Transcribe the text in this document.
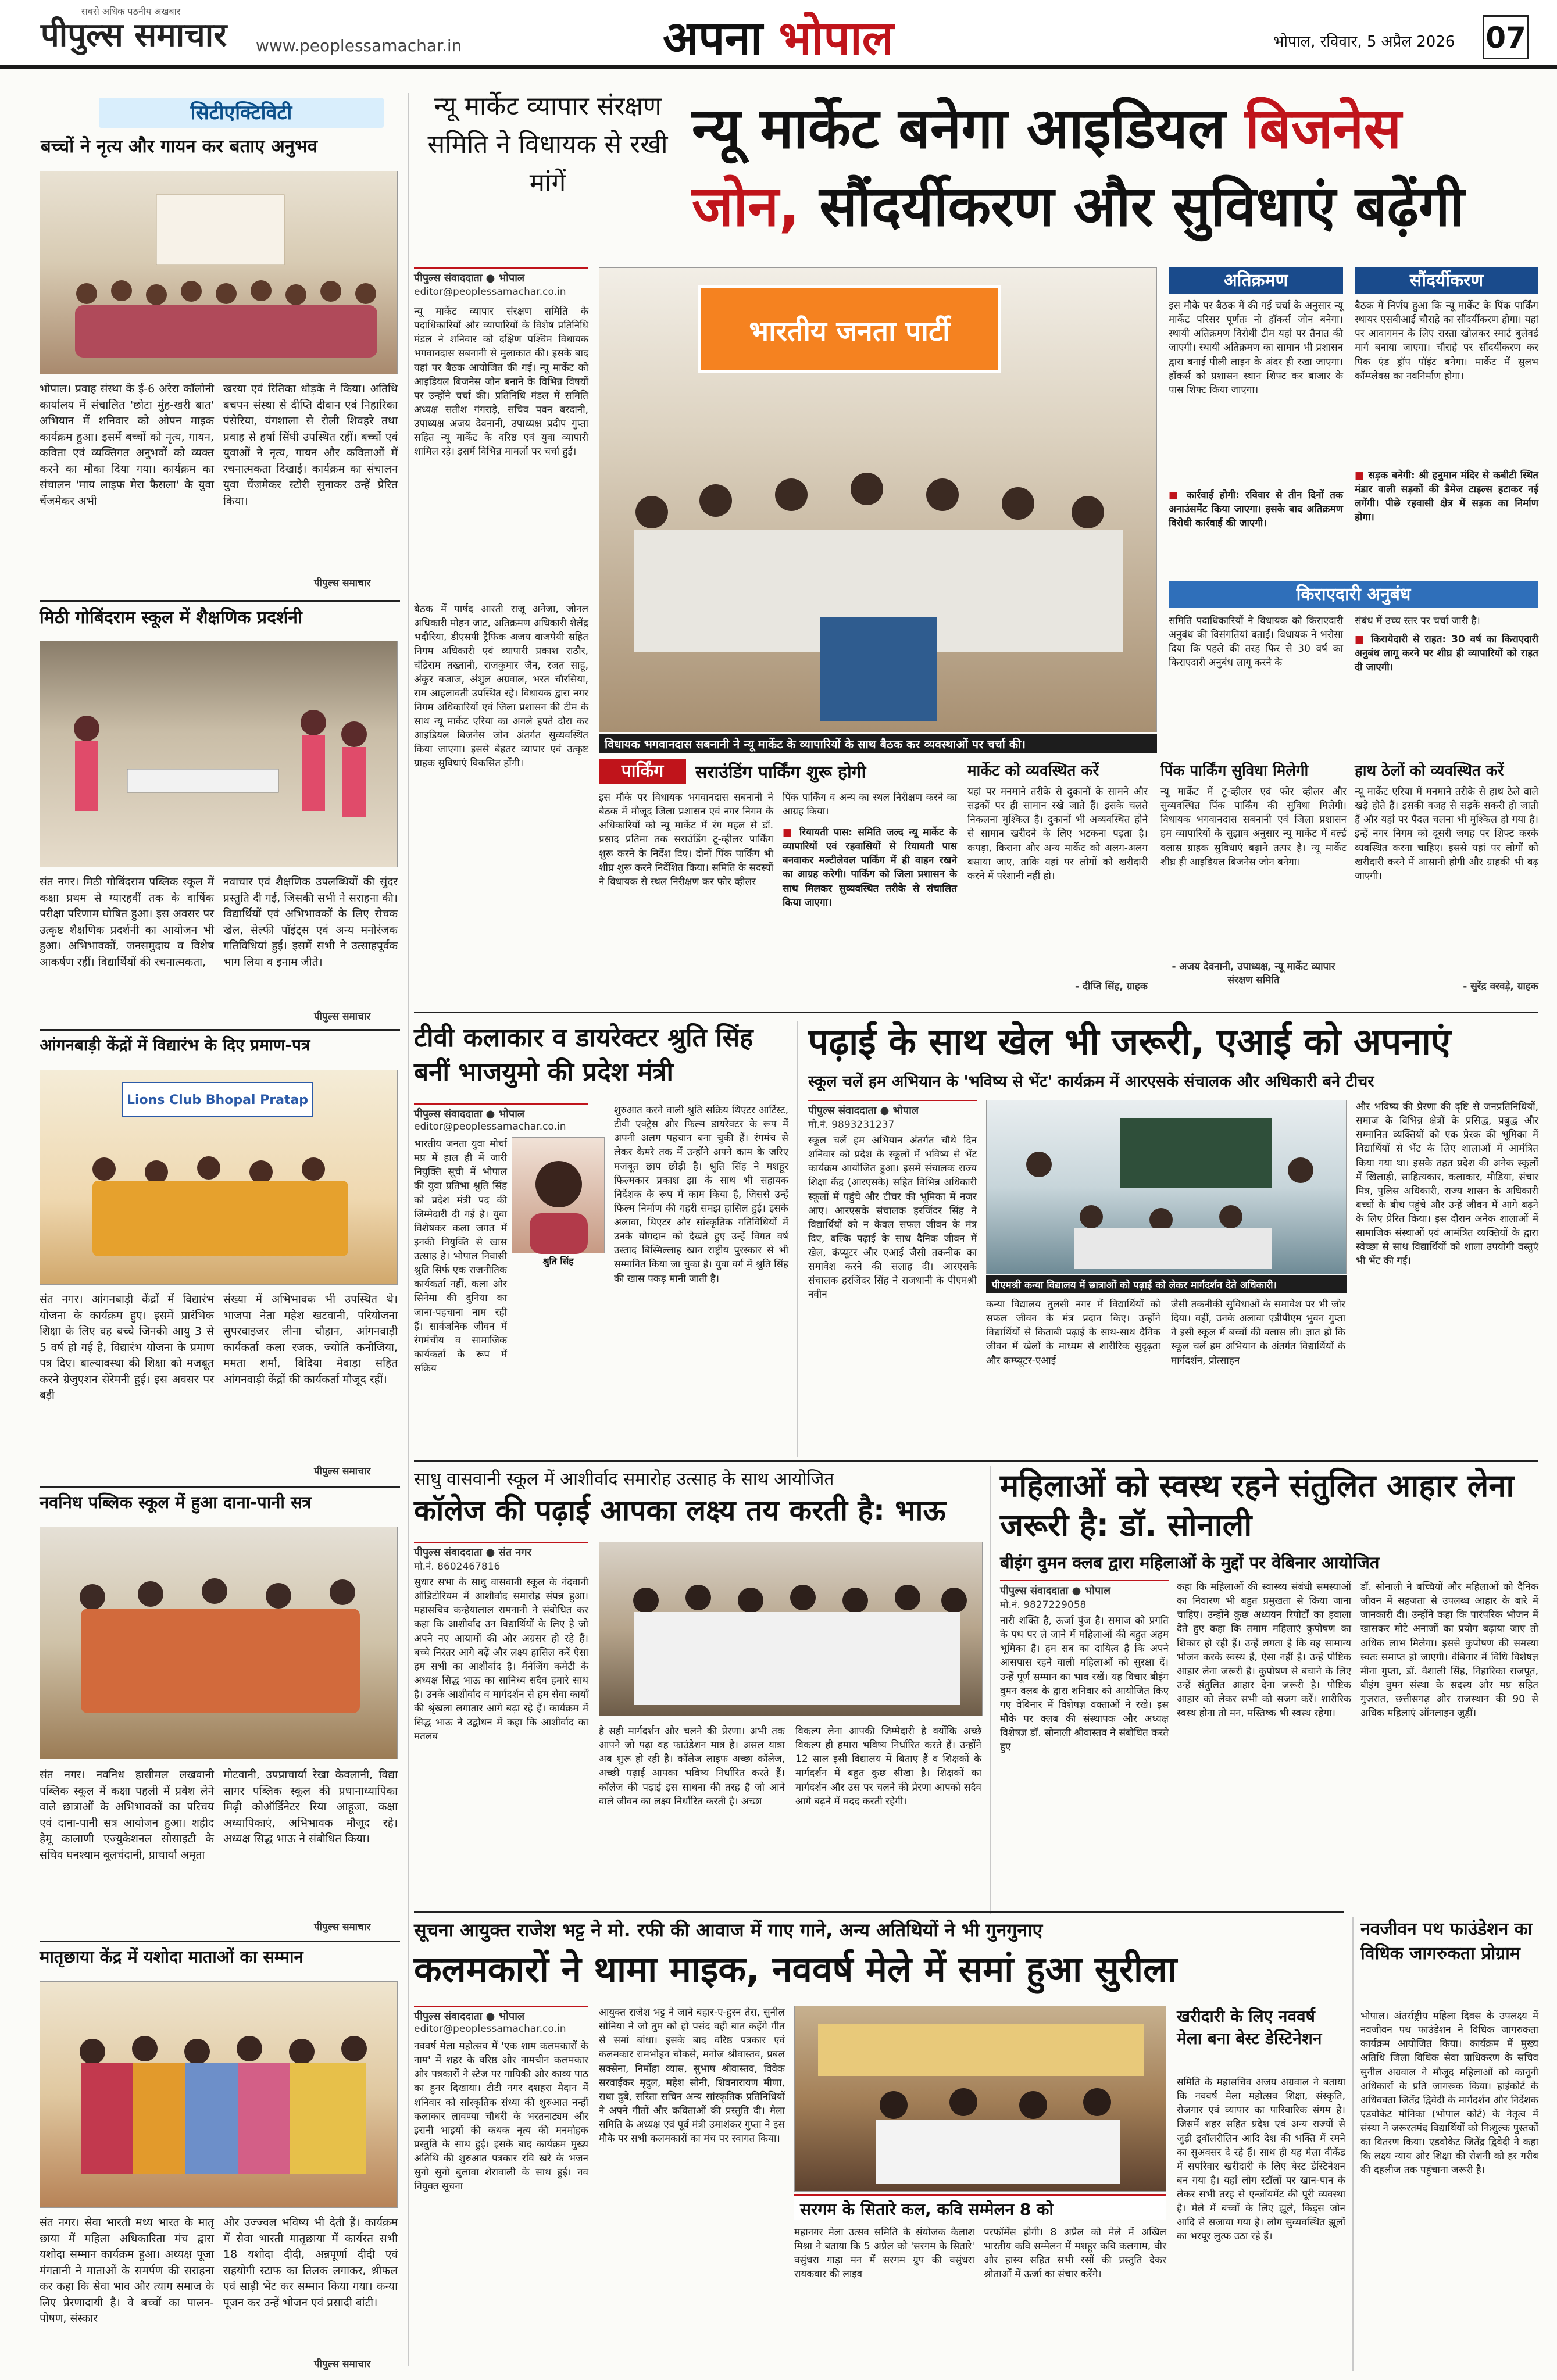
सबसे अधिक पठनीय अखबार
पीपुल्स समाचार www.peoplessamachar.in	अपना भोपाल	भोपाल, रविवार, 5 अप्रैल 2026 07
सिटीएक्टिविटी
बच्चों ने नृत्य और गायन कर बताए अनुभव
भोपाल। प्रवाह संस्था के ई-6 अरेरा कॉलोनी कार्यालय में संचालित 'छोटा मुंह-खरी बात' अभियान में शनिवार को ओपन माइक कार्यक्रम हुआ। इसमें बच्चों को नृत्य, गायन, कविता एवं व्यक्तिगत अनुभवों को व्यक्त करने का मौका दिया गया। कार्यक्रम का संचालन 'माय लाइफ मेरा फैसला' के युवा चेंजमेकर अभी
खरया एवं रितिका धोड़के ने किया। अतिथि बचपन संस्था से दीप्ति दीवान एवं निहारिका पंसेरिया, यंगशाला से रोली शिवहरे तथा प्रवाह से हर्षा सिंघी उपस्थित रहीं। बच्चों एवं युवाओं ने नृत्य, गायन और कविताओं में रचनात्मकता दिखाई। कार्यक्रम का संचालन युवा चेंजमेकर स्टोरी सुनाकर उन्हें प्रेरित किया।
पीपुल्स समाचार
मिठी गोबिंदराम स्कूल में शैक्षणिक प्रदर्शनी
संत नगर। मिठी गोबिंदराम पब्लिक स्कूल में कक्षा प्रथम से ग्यारहवीं तक के वार्षिक परीक्षा परिणाम घोषित हुआ। इस अवसर पर उत्कृष्ट शैक्षणिक प्रदर्शनी का आयोजन भी हुआ। अभिभावकों, जनसमुदाय व विशेष आकर्षण रहीं। विद्यार्थियों की रचनात्मकता,
नवाचार एवं शैक्षणिक उपलब्धियों की सुंदर प्रस्तुति दी गई, जिसकी सभी ने सराहना की। विद्यार्थियों एवं अभिभावकों के लिए रोचक खेल, सेल्फी पॉइंट्स एवं अन्य मनोरंजक गतिविधियां हुईं। इसमें सभी ने उत्साहपूर्वक भाग लिया व इनाम जीते।
पीपुल्स समाचार
आंगनबाड़ी केंद्रों में विद्यारंभ के दिए प्रमाण-पत्र
Lions Club Bhopal Pratap
संत नगर। आंगनबाड़ी केंद्रों में विद्यारंभ योजना के कार्यक्रम हुए। इसमें प्रारंभिक शिक्षा के लिए वह बच्चे जिनकी आयु 3 से 5 वर्ष हो गई है, विद्यारंभ योजना के प्रमाण पत्र दिए। बाल्यावस्था की शिक्षा को मजबूत करने ग्रेजुएशन सेरेमनी हुई। इस अवसर पर बड़ी
संख्या में अभिभावक भी उपस्थित थे। भाजपा नेता महेश खटवानी, परियोजना सुपरवाइजर लीना चौहान, आंगनवाड़ी कार्यकर्ता कला रजक, ज्योति कनौजिया, ममता शर्मा, विदिया मेवाड़ा सहित आंगनवाड़ी केंद्रों की कार्यकर्ता मौजूद रहीं।
पीपुल्स समाचार
नवनिध पब्लिक स्कूल में हुआ दाना-पानी सत्र
संत नगर। नवनिध हासीमल लखवानी पब्लिक स्कूल में कक्षा पहली में प्रवेश लेने वाले छात्राओं के अभिभावकों का परिचय एवं दाना-पानी सत्र आयोजन हुआ। शहीद हेमू कालाणी एज्युकेशनल सोसाइटी के सचिव घनश्याम बूलचंदानी, प्राचार्या अमृता
मोटवानी, उपप्राचार्या रेखा केवलानी, विद्या सागर पब्लिक स्कूल की प्रधानाध्यापिका मिढ़ी कोऑर्डिनेटर रिया आहूजा, कक्षा अध्यापिकाएं, अभिभावक मौजूद रहे। अध्यक्ष सिद्ध भाऊ ने संबोधित किया।
पीपुल्स समाचार
मातृछाया केंद्र में यशोदा माताओं का सम्मान
संत नगर। सेवा भारती मध्य भारत के मातृ छाया में महिला अधिकारिता मंच द्वारा यशोदा सम्मान कार्यक्रम हुआ। अध्यक्ष पूजा मंगतानी ने माताओं के समर्पण की सराहना कर कहा कि सेवा भाव और त्याग समाज के लिए प्रेरणादायी है। वे बच्चों का पालन-पोषण, संस्कार
और उज्ज्वल भविष्य भी देती हैं। कार्यक्रम में सेवा भारती मातृछाया में कार्यरत सभी 18 यशोदा दीदी, अन्नपूर्णा दीदी एवं सहयोगी स्टाफ का तिलक लगाकर, श्रीफल एवं साड़ी भेंट कर सम्मान किया गया। कन्या पूजन कर उन्हें भोजन एवं प्रसादी बांटी।
पीपुल्स समाचार
न्यू मार्केट व्यापार संरक्षण समिति ने विधायक से रखी मांगें
न्यू मार्केट बनेगा आइडियल बिजनेस
जोन, सौंदर्यीकरण और सुविधाएं बढ़ेंगी
पीपुल्स संवाददाता ● भोपाल
editor@peoplessamachar.co.in
न्यू मार्केट व्यापार संरक्षण समिति के पदाधिकारियों और व्यापारियों के विशेष प्रतिनिधि मंडल ने शनिवार को दक्षिण पश्चिम विधायक भगवानदास सबनानी से मुलाकात की। इसके बाद यहां पर बैठक आयोजित की गई। न्यू मार्केट को आइडियल बिजनेस जोन बनाने के विभिन्न विषयों पर उन्होंने चर्चा की। प्रतिनिधि मंडल में समिति अध्यक्ष सतीश गंगराड़े, सचिव पवन बरदानी, उपाध्यक्ष अजय देवनानी, उपाध्यक्ष प्रदीप गुप्ता सहित न्यू मार्केट के वरिष्ठ एवं युवा व्यापारी शामिल रहे। इसमें विभिन्न मामलों पर चर्चा हुई।
भारतीय जनता पार्टी
विधायक भगवानदास सबनानी ने न्यू मार्केट के व्यापारियों के साथ बैठक कर व्यवस्थाओं पर चर्चा की।
अतिक्रमण
इस मौके पर बैठक में की गई चर्चा के अनुसार न्यू मार्केट परिसर पूर्णतः नो हॉकर्स जोन बनेगा। स्थायी अतिक्रमण विरोधी टीम यहां पर तैनात की जाएगी। स्थायी अतिक्रमण का सामान भी प्रशासन द्वारा बनाई पीली लाइन के अंदर ही रखा जाएगा। हॉकर्स को प्रशासन स्थान शिफ्ट कर बाजार के पास शिफ्ट किया जाएगा।
■ कार्रवाई होगी: रविवार से तीन दिनों तक अनाउंसमेंट किया जाएगा। इसके बाद अतिक्रमण विरोधी कार्रवाई की जाएगी।
सौंदर्यीकरण
बैठक में निर्णय हुआ कि न्यू मार्केट के पिंक पार्किंग स्थायर एसबीआई चौराहे का सौंदर्यीकरण होगा। यहां पर आवागमन के लिए रास्ता खोलकर स्मार्ट बुलेवर्ड मार्ग बनाया जाएगा। चौराहे पर सौंदर्यीकरण कर पिक एंड ड्रॉप पॉइंट बनेगा। मार्केट में सुलभ कॉम्प्लेक्स का नवनिर्माण होगा।
■ सड़क बनेगी: श्री हनुमान मंदिर से कबीटी स्थित मंडार वाली सड़कों की डैमेज टाइल्स हटाकर नई लगेंगी। पीछे रहवासी क्षेत्र में सड़क का निर्माण होगा।
किराएदारी अनुबंध
समिति पदाधिकारियों ने विधायक को किराएदारी अनुबंध की विसंगतियां बताईं। विधायक ने भरोसा दिया कि पहले की तरह फिर से 30 वर्ष का किराएदारी अनुबंध लागू करने के
संबंध में उच्च स्तर पर चर्चा जारी है।
■ किरायेदारी से राहत: 30 वर्ष का किराएदारी अनुबंध लागू करने पर शीघ्र ही व्यापारियों को राहत दी जाएगी।
पार्किंग	सराउंडिंग पार्किंग शुरू होगी
इस मौके पर विधायक भगवानदास सबनानी ने बैठक में मौजूद जिला प्रशासन एवं नगर निगम के अधिकारियों को न्यू मार्केट में रंग महल से डॉ. प्रसाद प्रतिमा तक सराउंडिंग टू-व्हीलर पार्किंग शुरू करने के निर्देश दिए। दोनों पिंक पार्किंग भी शीघ्र शुरू करने निर्देशित किया। समिति के सदस्यों ने विधायक से स्थल निरीक्षण कर फोर व्हीलर
पिंक पार्किंग व अन्य का स्थल निरीक्षण करने का आग्रह किया।
■ रियायती पास: समिति जल्द न्यू मार्केट के व्यापारियों एवं रहवासियों से रियायती पास बनवाकर मल्टीलेवल पार्किंग में ही वाहन रखने का आग्रह करेगी। पार्किंग को जिला प्रशासन के साथ मिलकर सुव्यवस्थित तरीके से संचालित किया जाएगा।
मार्केट को व्यवस्थित करें
यहां पर मनमाने तरीके से दुकानों के सामने और सड़कों पर ही सामान रखे जाते हैं। इसके चलते निकलना मुश्किल है। दुकानों भी अव्यवस्थित होने से सामान खरीदने के लिए भटकना पड़ता है। कपड़ा, किराना और अन्य मार्केट को अलग-अलग बसाया जाए, ताकि यहां पर लोगों को खरीदारी करने में परेशानी नहीं हो।
- दीप्ति सिंह, ग्राहक
पिंक पार्किंग सुविधा मिलेगी
न्यू मार्केट में टू-व्हीलर एवं फोर व्हीलर और सुव्यवस्थित पिंक पार्किंग की सुविधा मिलेगी। विधायक भगवानदास सबनानी एवं जिला प्रशासन हम व्यापारियों के सुझाव अनुसार न्यू मार्केट में वर्ल्ड क्लास ग्राहक सुविधाएं बढ़ाने तत्पर है। न्यू मार्केट शीघ्र ही आइडियल बिजनेस जोन बनेगा।
- अजय देवनानी, उपाध्यक्ष, न्यू मार्केट व्यापार संरक्षण समिति
हाथ ठेलों को व्यवस्थित करें
न्यू मार्केट एरिया में मनमाने तरीके से हाथ ठेले वाले खड़े होते हैं। इसकी वजह से सड़कें सकरी हो जाती हैं और यहां पर पैदल चलना भी मुश्किल हो गया है। इन्हें नगर निगम को दूसरी जगह पर शिफ्ट करके व्यवस्थित करना चाहिए। इससे यहां पर लोगों को खरीदारी करने में आसानी होगी और ग्राहकी भी बढ़ जाएगी।
- सुरेंद्र वरवड़े, ग्राहक
टीवी कलाकार व डायरेक्टर श्रुति सिंह बनीं भाजयुमो की प्रदेश मंत्री
पीपुल्स संवाददाता ● भोपाल
editor@peoplessamachar.co.in
श्रुति सिंह
भारतीय जनता युवा मोर्चा मप्र में हाल ही में जारी नियुक्ति सूची में भोपाल की युवा प्रतिभा श्रुति सिंह को प्रदेश मंत्री पद की जिम्मेदारी दी गई है। युवा विशेषकर कला जगत में इनकी नियुक्ति से खास उत्साह है। भोपाल निवासी श्रुति सिर्फ एक राजनीतिक कार्यकर्ता नहीं, कला और सिनेमा की दुनिया का जाना-पहचाना नाम रही हैं। सार्वजनिक जीवन में रंगमंचीय व सामाजिक कार्यकर्ता के रूप में सक्रिय
शुरुआत करने वाली श्रुति सक्रिय थिएटर आर्टिस्ट, टीवी एक्ट्रेस और फिल्म डायरेक्टर के रूप में अपनी अलग पहचान बना चुकी हैं। रंगमंच से लेकर कैमरे तक में उन्होंने अपने काम के जरिए मजबूत छाप छोड़ी है। श्रुति सिंह ने मशहूर फिल्मकार प्रकाश झा के साथ भी सहायक निर्देशक के रूप में काम किया है, जिससे उन्हें फिल्म निर्माण की गहरी समझ हासिल हुई। इसके अलावा, थिएटर और सांस्कृतिक गतिविधियों में उनके योगदान को देखते हुए उन्हें विगत वर्ष उस्ताद बिस्मिल्लाह खान राष्ट्रीय पुरस्कार से भी सम्मानित किया जा चुका है। युवा वर्ग में श्रुति सिंह की खास पकड़ मानी जाती है।
पढ़ाई के साथ खेल भी जरूरी, एआई को अपनाएं
स्कूल चलें हम अभियान के 'भविष्य से भेंट' कार्यक्रम में आरएसके संचालक और अधिकारी बने टीचर
पीपुल्स संवाददाता ● भोपाल
मो.नं. 9893231237
स्कूल चलें हम अभियान अंतर्गत चौथे दिन शनिवार को प्रदेश के स्कूलों में भविष्य से भेंट कार्यक्रम आयोजित हुआ। इसमें संचालक राज्य शिक्षा केंद्र (आरएसके) सहित विभिन्न अधिकारी स्कूलों में पहुंचे और टीचर की भूमिका में नजर आए। आरएसके संचालक हरजिंदर सिंह ने विद्यार्थियों को न केवल सफल जीवन के मंत्र दिए, बल्कि पढ़ाई के साथ दैनिक जीवन में खेल, कंप्यूटर और एआई जैसी तकनीक का समावेश करने की सलाह दी। आरएसके संचालक हरजिंदर सिंह ने राजधानी के पीएमश्री नवीन
पीएमश्री कन्या विद्यालय में छात्राओं को पढ़ाई को लेकर मार्गदर्शन देते अधिकारी।
कन्या विद्यालय तुलसी नगर में विद्यार्थियों को सफल जीवन के मंत्र प्रदान किए। उन्होंने विद्यार्थियों से किताबी पढ़ाई के साथ-साथ दैनिक जीवन में खेलों के माध्यम से शारीरिक सुदृढ़ता और कम्प्यूटर-एआई
जैसी तकनीकी सुविधाओं के समावेश पर भी जोर दिया। वहीं, उनके अलावा एडीपीएम भुवन गुप्ता ने इसी स्कूल में बच्चों की क्लास ली। ज्ञात हो कि स्कूल चलें हम अभियान के अंतर्गत विद्यार्थियों के मार्गदर्शन, प्रोत्साहन
और भविष्य की प्रेरणा की दृष्टि से जनप्रतिनिधियों, समाज के विभिन्न क्षेत्रों के प्रसिद्ध, प्रबुद्ध और सम्मानित व्यक्तियों को एक प्रेरक की भूमिका में विद्यार्थियों से भेंट के लिए शालाओं में आमंत्रित किया गया था। इसके तहत प्रदेश की अनेक स्कूलों में खिलाड़ी, साहित्यकार, कलाकार, मीडिया, संचार मित्र, पुलिस अधिकारी, राज्य शासन के अधिकारी बच्चों के बीच पहुंचे और उन्हें जीवन में आगे बढ़ने के लिए प्रेरित किया। इस दौरान अनेक शालाओं में सामाजिक संस्थाओं एवं आमंत्रित व्यक्तियों के द्वारा स्वेच्छा से साथ विद्यार्थियों को शाला उपयोगी वस्तुएं भी भेंट की गईं।
साधु वासवानी स्कूल में आशीर्वाद समारोह उत्साह के साथ आयोजित
कॉलेज की पढ़ाई आपका लक्ष्य तय करती है: भाऊ
पीपुल्स संवाददाता ● संत नगर
मो.नं. 8602467816
सुधार सभा के साधु वासवानी स्कूल के नंदवानी ऑडिटोरियम में आशीर्वाद समारोह संपन्न हुआ। महासचिव कन्हैयालाल रामनानी ने संबोधित कर कहा कि आशीर्वाद उन विद्यार्थियों के लिए है जो अपने नए आयामों की ओर अग्रसर हो रहे हैं। बच्चे निरंतर आगे बढ़ें और लक्ष्य हासिल करें ऐसा हम सभी का आशीर्वाद है। मैंनेजिंग कमेटी के अध्यक्ष सिद्ध भाऊ का सानिध्य सदैव हमारे साथ है। उनके आशीर्वाद व मार्गदर्शन से हम सेवा कार्यों की श्रृंखला लगातार आगे बढ़ा रहे हैं। कार्यक्रम में सिद्ध भाऊ ने उद्बोधन में कहा कि आशीर्वाद का मतलब	है सही मार्गदर्शन और चलने की प्रेरणा। अभी तक आपने जो पढ़ा वह फाउंडेशन मात्र है। असल यात्रा अब शुरू हो रही है। कॉलेज लाइफ अच्छा कॉलेज, अच्छी पढ़ाई आपका भविष्य निर्धारित करते हैं। कॉलेज की पढ़ाई इस साधना की तरह है जो आने वाले जीवन का लक्ष्य निर्धारित करती है। अच्छा
विकल्प लेना आपकी जिम्मेदारी है क्योंकि अच्छे विकल्प ही हमारा भविष्य निर्धारित करते हैं। उन्होंने 12 साल इसी विद्यालय में बिताए हैं व शिक्षकों के मार्गदर्शन में बहुत कुछ सीखा है। शिक्षकों का मार्गदर्शन और उस पर चलने की प्रेरणा आपको सदैव आगे बढ़ने में मदद करती रहेगी।
महिलाओं को स्वस्थ रहने संतुलित आहार लेना जरूरी है: डॉ. सोनाली
बीइंग वुमन क्लब द्वारा महिलाओं के मुद्दों पर वेबिनार आयोजित
पीपुल्स संवाददाता ● भोपाल
मो.नं. 9827229058
नारी शक्ति है, ऊर्जा पुंज है। समाज को प्रगति के पथ पर ले जाने में महिलाओं की बहुत अहम भूमिका है। हम सब का दायित्व है कि अपने आसपास रहने वाली महिलाओं को सुरक्षा दें। उन्हें पूर्ण सम्मान का भाव रखें। यह विचार बीइंग वुमन क्लब के द्वारा शनिवार को आयोजित किए गए वेबिनार में विशेषज्ञ वक्ताओं ने रखे। इस मौके पर क्लब की संस्थापक और अध्यक्ष विशेषज्ञ डॉ. सोनाली श्रीवास्तव ने संबोधित करते हुए
कहा कि महिलाओं की स्वास्थ्य संबंधी समस्याओं का निवारण भी बहुत प्रमुखता से किया जाना चाहिए। उन्होंने कुछ अध्ययन रिपोर्टों का हवाला देते हुए कहा कि तमाम महिलाएं कुपोषण का शिकार हो रही हैं। उन्हें लगता है कि वह सामान्य भोजन करके स्वस्थ हैं, ऐसा नहीं है। उन्हें पौष्टिक आहार लेना जरूरी है। कुपोषण से बचाने के लिए उन्हें संतुलित आहार देना जरूरी है। पौष्टिक आहार को लेकर सभी को सजग करें। शारीरिक स्वस्थ होना तो मन, मस्तिष्क भी स्वस्थ रहेगा।
डॉ. सोनाली ने बच्चियों और महिलाओं को दैनिक जीवन में सहजता से उपलब्ध आहार के बारे में जानकारी दी। उन्होंने कहा कि पारंपरिक भोजन में खासकर मोटे अनाजों का प्रयोग बढ़ाया जाए तो अधिक लाभ मिलेगा। इससे कुपोषण की समस्या स्वतः समाप्त हो जाएगी। वेबिनार में विधि विशेषज्ञ मीना गुप्ता, डॉ. वैशाली सिंह, निहारिका राजपूत, बीइंग वुमन संस्था के सदस्य और मप्र सहित गुजरात, छत्तीसगढ़ और राजस्थान की 90 से अधिक महिलाएं ऑनलाइन जुड़ीं।
सूचना आयुक्त राजेश भट्ट ने मो. रफी की आवाज में गाए गाने, अन्य अतिथियों ने भी गुनगुनाए
कलमकारों ने थामा माइक, नववर्ष मेले में समां हुआ सुरीला
पीपुल्स संवाददाता ● भोपाल
editor@peoplessamachar.co.in
नववर्ष मेला महोत्सव में 'एक शाम कलमकारों के नाम' में शहर के वरिष्ठ और नामचीन कलमकार और पत्रकारों ने स्टेज पर गायिकी और काव्य पाठ का हुनर दिखाया। टीटी नगर दशहरा मैदान में शनिवार को सांस्कृतिक संध्या की शुरुआत नन्हीं कलाकार लावण्या चौधरी के भरतनाट्यम और इरानी भाइयों की कथक नृत्य की मनमोहक प्रस्तुति के साथ हुई। इसके बाद कार्यक्रम मुख्य अतिथि की शुरुआत पत्रकार रवि खरे के भजन सुनो सुनो बुलावा शेरावाली के साथ हुई। नव नियुक्त सूचना
आयुक्त राजेश भट्ट ने जाने बहार-ए-हुस्न तेरा, सुनील सोनिया ने जो तुम को हो पसंद वही बात कहेंगे गीत से समां बांधा। इसके बाद वरिष्ठ पत्रकार एवं कलमकार रामभोहन चौकसे, मनोज श्रीवास्तव, प्रबल सक्सेना, निर्मोहा व्यास, सुभाष श्रीवास्तव, विवेक सरवाईकर मृदुल, महेश सोनी, शिवनारायण मीणा, राधा दुबे, सरिता सचिन अन्य सांस्कृतिक प्रतिनिधियों ने अपने गीतों और कविताओं की प्रस्तुति दी। मेला समिति के अध्यक्ष एवं पूर्व मंत्री उमाशंकर गुप्ता ने इस मौके पर सभी कलमकारों का मंच पर स्वागत किया।
सरगम के सितारे कल, कवि सम्मेलन 8 को
महानगर मेला उत्सव समिति के संयोजक कैलाश मिश्रा ने बताया कि 5 अप्रैल को 'सरगम के सितारे' वसुंधरा गाड़ा मन में सरगम ग्रुप की वसुंधरा रायकवार की लाइव
परफॉर्मेंस होगी। 8 अप्रैल को मेले में अखिल भारतीय कवि सम्मेलन में मशहूर कवि कलगाम, वीर और हास्य सहित सभी रसों की प्रस्तुति देकर श्रोताओं में ऊर्जा का संचार करेंगे।
खरीदारी के लिए नववर्ष मेला बना बेस्ट डेस्टिनेशन
समिति के महासचिव अजय अग्रवाल ने बताया कि नववर्ष मेला महोत्सव शिक्षा, संस्कृति, रोजगार एवं व्यापार का पारिवारिक संगम है। जिसमें शहर सहित प्रदेश एवं अन्य राज्यों से जुड़ी ड्वॉलरीलिन आदि देश की भक्ति में रमने का सुअवसर दे रहे हैं। साथ ही यह मेला वीकेंड में सपरिवार खरीदारी के लिए बेस्ट डेस्टिनेशन बन गया है। यहां लोग स्टॉलों पर खान-पान के लेकर सभी तरह से एन्जॉयमेंट की पूरी व्यवस्था है। मेले में बच्चों के लिए झूले, किड्स जोन आदि से सजाया गया है। लोग सुव्यवस्थित झूलों का भरपूर लुत्फ उठा रहे हैं।
नवजीवन पथ फाउंडेशन का विधिक जागरुकता प्रोग्राम
भोपाल। अंतर्राष्ट्रीय महिला दिवस के उपलक्ष्य में नवजीवन पथ फाउंडेशन ने विधिक जागरुकता कार्यक्रम आयोजित किया। कार्यक्रम में मुख्य अतिथि जिला विधिक सेवा प्राधिकरण के सचिव सुनील अग्रवाल ने मौजूद महिलाओं को कानूनी अधिकारों के प्रति जागरूक किया। हाईकोर्ट के अधिवक्ता जितेंद्र द्विवेदी के मार्गदर्शन और निर्देशक एडवोकेट मोनिका (भोपाल कोर्ट) के नेतृत्व में संस्था ने जरूरतमंद विद्यार्थियों को निःशुल्क पुस्तकों का वितरण किया। एडवोकेट जितेंद्र द्विवेदी ने कहा कि लक्ष्य न्याय और शिक्षा की रोशनी को हर गरीब की दहलीज तक पहुंचाना जरूरी है।
बैठक में पार्षद आरती राजू अनेजा, जोनल अधिकारी मोहन जाट, अतिक्रमण अधिकारी शैलेंद्र भदौरिया, डीएसपी ट्रैफिक अजय वाजपेयी सहित निगम अधिकारी एवं व्यापारी प्रकाश राठौर, चंद्रिराम तख्तानी, राजकुमार जैन, रजत साहू, अंकुर बजाज, अंशुल अग्रवाल, भरत चौरसिया, राम आहलावती उपस्थित रहे। विधायक द्वारा नगर निगम अधिकारियों एवं जिला प्रशासन की टीम के साथ न्यू मार्केट एरिया का अगले हफ्ते दौरा कर आइडियल बिजनेस जोन अंतर्गत सुव्यवस्थित किया जाएगा। इससे बेहतर व्यापार एवं उत्कृष्ट ग्राहक सुविधाएं विकसित होंगी।
